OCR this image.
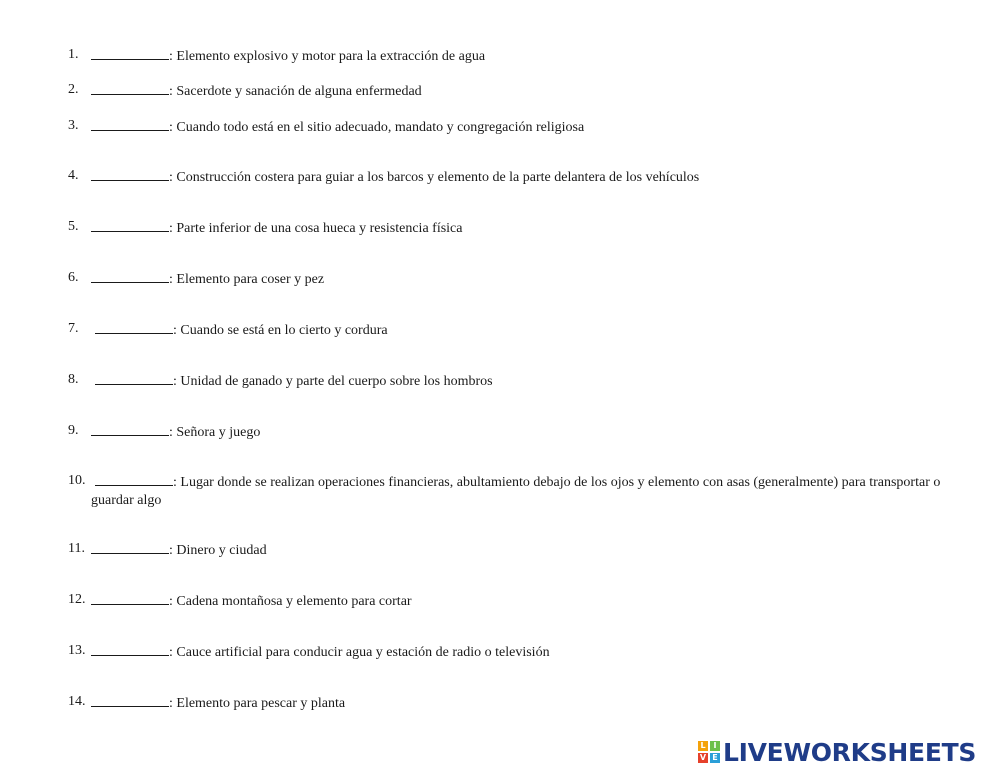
1.	: Elemento explosivo y motor para la extracción de agua
2.	: Sacerdote y sanación de alguna enfermedad
3.	: Cuando todo está en el sitio adecuado, mandato y congregación religiosa
4.	: Construcción costera para guiar a los barcos y elemento de la parte delantera de los vehículos
5.	: Parte inferior de una cosa hueca y resistencia física
6.	: Elemento para coser y pez
7.	: Cuando se está en lo cierto y cordura
8.	: Unidad de ganado y parte del cuerpo sobre los hombros
9.	: Señora y juego
10.	: Lugar donde se realizan operaciones financieras, abultamiento debajo de los ojos y elemento con asas (generalmente) para transportar o guardar algo
11.	: Dinero y ciudad
12.	: Cadena montañosa y elemento para cortar
13.	: Cauce artificial para conducir agua y estación de radio o televisión
14.	: Elemento para pescar y planta
L I
V E LIVEWORKSHEETS
